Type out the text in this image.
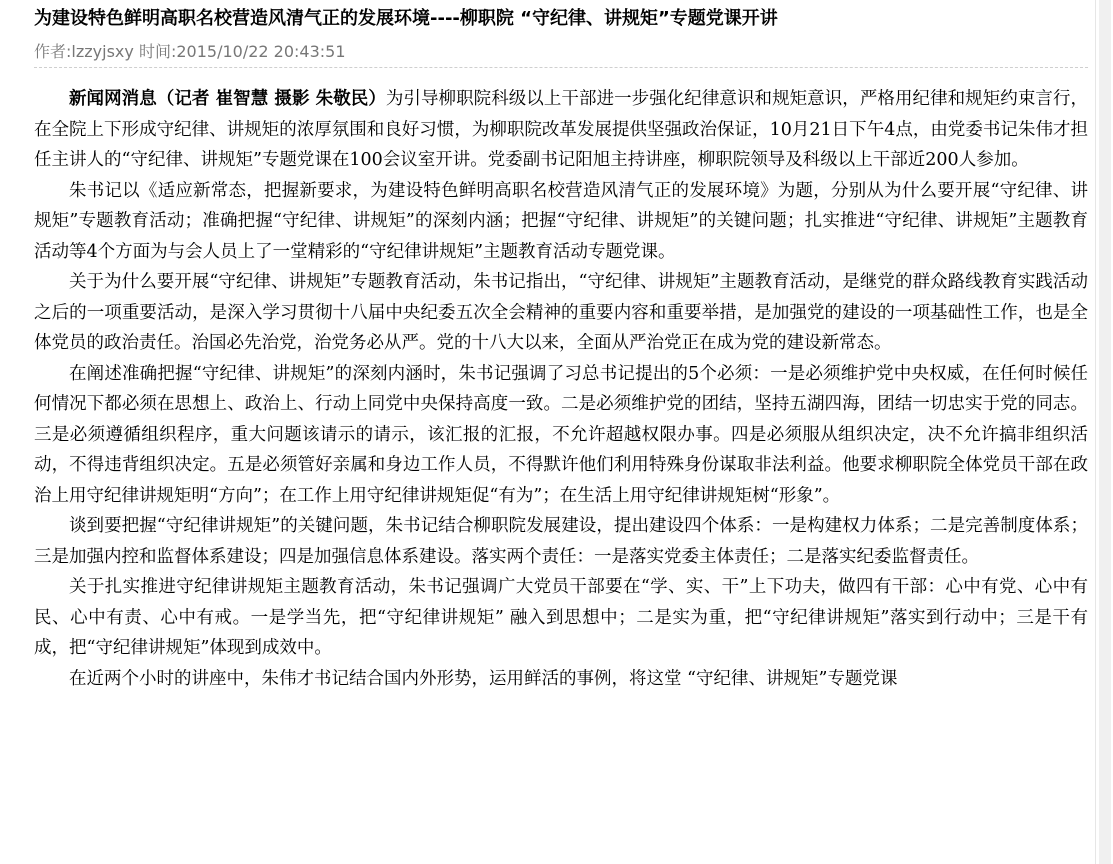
为建设特色鲜明高职名校营造风清气正的发展环境----柳职院 “守纪律、讲规矩”专题党课开讲
作者:lzzyjsxy 时间:2015/10/22 20:43:51

新闻网消息（记者 崔智慧 摄影 朱敬民）为引导柳职院科级以上干部进一步强化纪律意识和规矩意识，严格用纪律和规矩约束言行，在全院上下形成守纪律、讲规矩的浓厚氛围和良好习惯，为柳职院改革发展提供坚强政治保证，10月21日下午4点，由党委书记朱伟才担任主讲人的“守纪律、讲规矩”专题党课在100会议室开讲。党委副书记阳旭主持讲座，柳职院领导及科级以上干部近200人参加。

朱书记以《适应新常态，把握新要求，为建设特色鲜明高职名校营造风清气正的发展环境》为题，分别从为什么要开展“守纪律、讲规矩”专题教育活动；准确把握“守纪律、讲规矩”的深刻内涵；把握“守纪律、讲规矩”的关键问题；扎实推进“守纪律、讲规矩”主题教育活动等4个方面为与会人员上了一堂精彩的“守纪律讲规矩”主题教育活动专题党课。

关于为什么要开展“守纪律、讲规矩”专题教育活动，朱书记指出，“守纪律、讲规矩”主题教育活动，是继党的群众路线教育实践活动之后的一项重要活动，是深入学习贯彻十八届中央纪委五次全会精神的重要内容和重要举措，是加强党的建设的一项基础性工作，也是全体党员的政治责任。治国必先治党，治党务必从严。党的十八大以来，全面从严治党正在成为党的建设新常态。

在阐述准确把握“守纪律、讲规矩”的深刻内涵时，朱书记强调了习总书记提出的5个必须：一是必须维护党中央权威，在任何时候任何情况下都必须在思想上、政治上、行动上同党中央保持高度一致。二是必须维护党的团结，坚持五湖四海，团结一切忠实于党的同志。三是必须遵循组织程序，重大问题该请示的请示，该汇报的汇报，不允许超越权限办事。四是必须服从组织决定，决不允许搞非组织活动，不得违背组织决定。五是必须管好亲属和身边工作人员，不得默许他们利用特殊身份谋取非法利益。他要求柳职院全体党员干部在政治上用守纪律讲规矩明“方向”；在工作上用守纪律讲规矩促“有为”；在生活上用守纪律讲规矩树“形象”。

谈到要把握“守纪律讲规矩”的关键问题，朱书记结合柳职院发展建设，提出建设四个体系：一是构建权力体系；二是完善制度体系；三是加强内控和监督体系建设；四是加强信息体系建设。落实两个责任：一是落实党委主体责任；二是落实纪委监督责任。

关于扎实推进守纪律讲规矩主题教育活动，朱书记强调广大党员干部要在“学、实、干”上下功夫，做四有干部：心中有党、心中有民、心中有责、心中有戒。一是学当先，把“守纪律讲规矩” 融入到思想中；二是实为重，把“守纪律讲规矩”落实到行动中；三是干有成，把“守纪律讲规矩”体现到成效中。

在近两个小时的讲座中，朱伟才书记结合国内外形势，运用鲜活的事例，将这堂 “守纪律、讲规矩”专题党课
